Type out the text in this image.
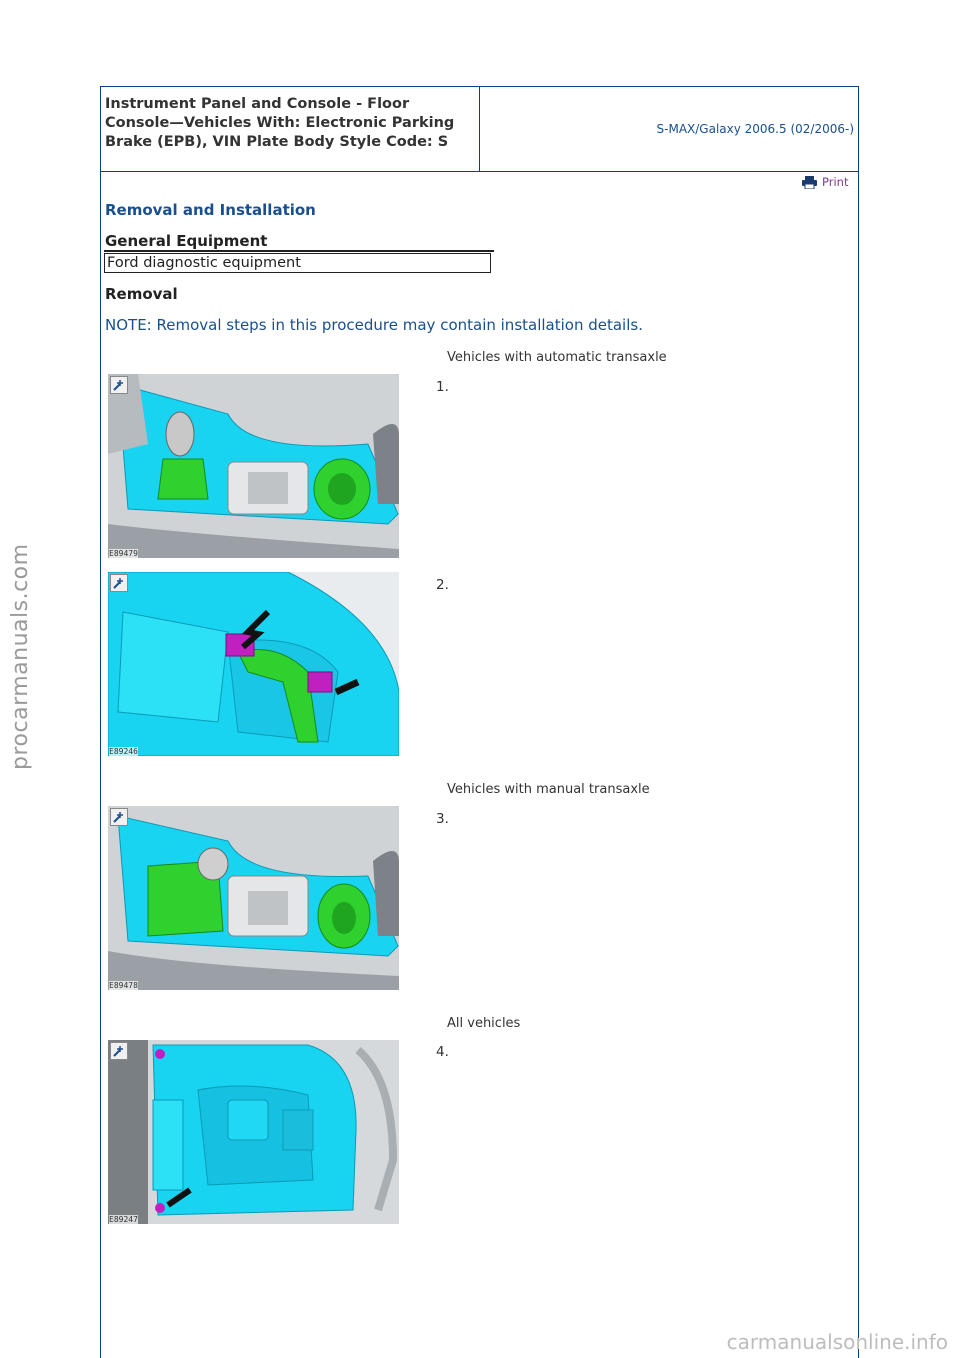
Instrument Panel and Console - Floor Console—Vehicles With: Electronic Parking Brake (EPB), VIN Plate Body Style Code: S
S-MAX/Galaxy 2006.5 (02/2006-)
Print
Removal and Installation
General Equipment
Ford diagnostic equipment
Removal
NOTE: Removal steps in this procedure may contain installation details.
Vehicles with automatic transaxle
1.
E89479
2.
E89246
Vehicles with manual transaxle
3.
E89478
All vehicles
4.
E89247
procarmanuals.com
carmanualsonline.info
